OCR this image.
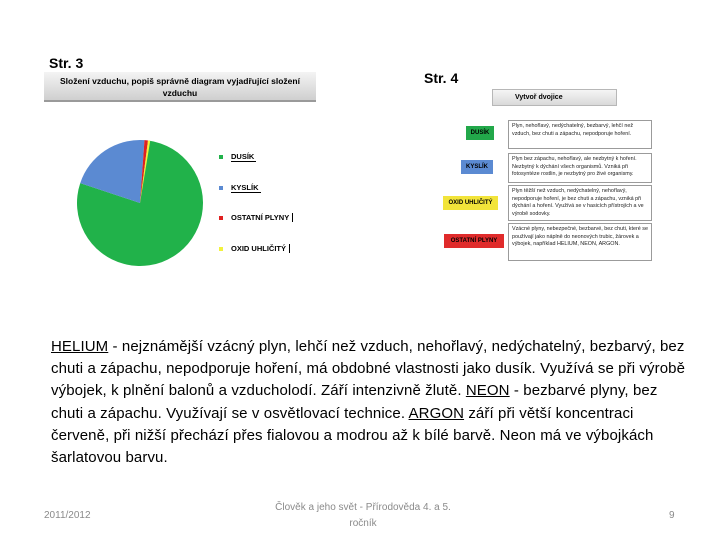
Str. 3
Str. 4
Složení vzduchu, popiš správně diagram vyjadřující složení vzduchu
DUSÍK
KYSLÍK
OSTATNÍ PLYNY
OXID UHLIČITÝ
Vytvoř dvojice
DUSÍK
KYSLÍK
OXID UHLIČITÝ
OSTATNÍ PLYNY
Plyn, nehořlavý, nedýchatelný, bezbarvý, lehčí než vzduch, bez chuti a zápachu, nepodporuje hoření.
Plyn bez zápachu, nehořlavý, ale nezbytný k hoření. Nezbytný k dýchání všech organismů. Vzniká při fotosyntéze rostlin, je nezbytný pro živé organismy.
Plyn těžší než vzduch, nedýchatelný, nehořlavý, nepodporuje hoření, je bez chuti a zápachu, vzniká při dýchání a hoření. Využívá se v hasicích přístrojích a ve výrobě sodovky.
Vzácné plyny, nebezpečné, bezbarvé, bez chuti, které se používají jako náplně do neonových trubic, žárovek a výbojek, například HELIUM, NEON, ARGON.
HELIUM - nejznámější vzácný plyn, lehčí než vzduch, nehořlavý, nedýchatelný, bezbarvý, bez chuti a zápachu, nepodporuje hoření, má obdobné vlastnosti jako dusík. Využívá se při výrobě výbojek, k plnění balonů a vzducholodí. Září intenzivně žlutě. NEON - bezbarvé plyny, bez chuti a zápachu. Využívají se v osvětlovací technice. ARGON září při větší koncentraci červeně, při nižší přechází přes fialovou a modrou až k bílé barvě. Neon má ve výbojkách šarlatovou barvu.
2011/2012
Člověk a jeho svět - Přírodověda 4. a 5. ročník
9
